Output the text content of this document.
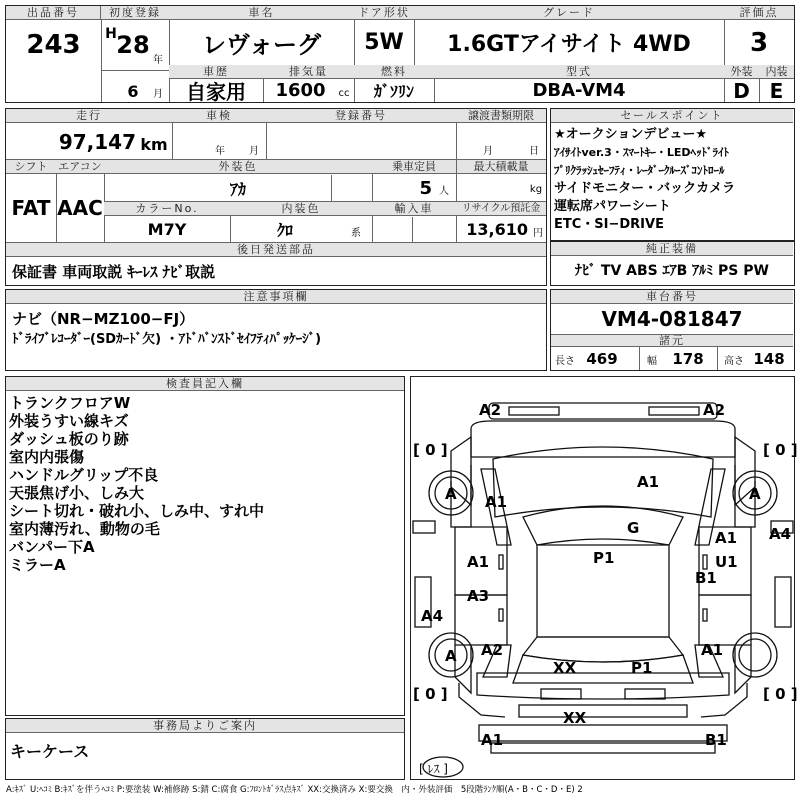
出品番号
243
初度登録
H 28
年
6	月
車名
レヴォーグ
ドア形状
5W
グレード
1.6GTアイサイト 4WD
評価点
3
車歴
自家用
排気量
1600	cc
燃料
ｶﾞｿﾘﾝ
型式
DBA-VM4
外装
D
内装
E
走行
97,147 km
車検
年	月
登録番号	譲渡書類期限
月	日
シフト エアコン	外装色	乗車定員	最大積載量
FAT AAC
ｱｶ	5 人	kg
カラーNo.	内装色	輸入車	リサイクル預託金
M7Y	ｸﾛ	系	13,610 円
後日発送部品
保証書 車両取説 ｷｰﾚｽ ﾅﾋﾞ取説
セールスポイント
★オークションデビュー★
ｱｲｻｲﾄver.3・ｽﾏｰﾄｷｰ・LEDﾍｯﾄﾞﾗｲﾄ
ﾌﾟﾘｸﾗｯｼｭｾｰﾌﾃｨ・ﾚｰﾀﾞｰｸﾙｰｽﾞｺﾝﾄﾛｰﾙ
サイドモニター・バックカメラ
運転席パワーシート
ETC・SI−DRIVE
純正装備
ﾅﾋﾞ TV ABS ｴｱB ｱﾙﾐ PS PW
注意事項欄
ナビ（NR−MZ100−FJ）
ﾄﾞﾗｲﾌﾞﾚｺｰﾀﾞｰ(SDｶｰﾄﾞ欠) ・ｱﾄﾞﾊﾞﾝｽﾄﾞｾｲﾌﾃｨﾊﾟｯｹｰｼﾞ)
車台番号
VM4-081847
諸元
長さ 469	幅	178	高さ 148
検査員記入欄
トランクフロアW
外装うすい線キズ
ダッシュ板のり跡
室内内張傷
ハンドルグリップ不良
天張焦げ小、しみ大
シート切れ・破れ小、しみ中、すれ中
室内薄汚れ、動物の毛
バンパー下A
ミラーA
事務局よりご案内
キーケース
A2	A2
[ 0 ]	[ 0 ]
A A1
A1
A
A4
G
A1
A1	P1	U1
B1
A3
A4
A2	A1
A
XX	P1
[ 0 ]	[ 0 ]
XX
A1	B1
[ ﾚｽ ]
A:ｷｽﾞ U:ﾍｺﾐ B:ｷｽﾞを伴うﾍｺﾐ P:要塗装 W:補修跡 S:錆 C:腐食 G:ﾌﾛﾝﾄｶﾞﾗｽ点ｷｽﾞ XX:交換済み X:要交換　内・外装評価　5段階ﾗﾝｸ順(A・B・C・D・E) 2
